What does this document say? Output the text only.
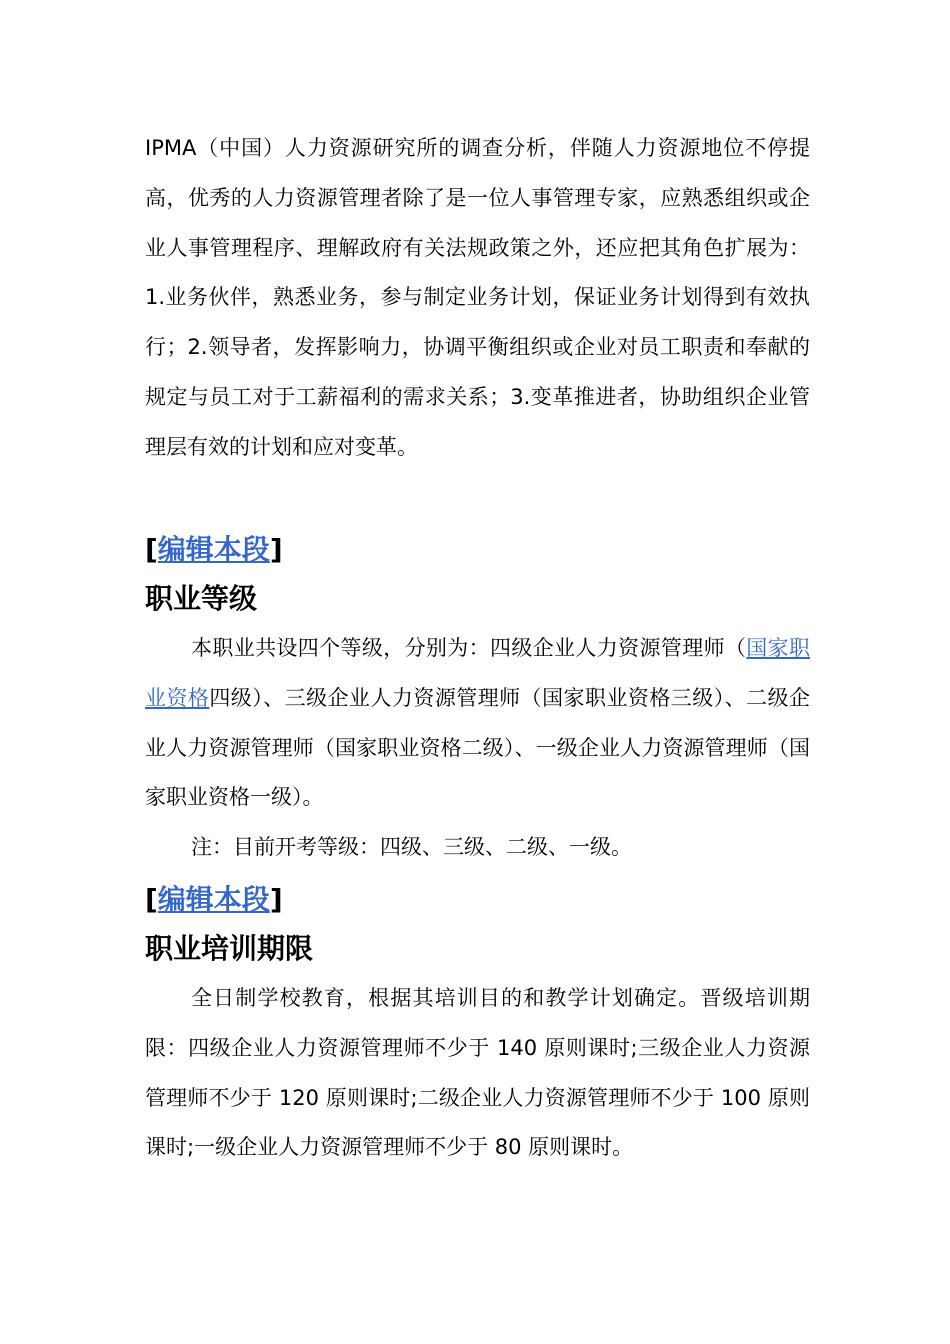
IPMA（中国）人力资源研究所的调查分析，伴随人力资源地位不停提高，优秀的人力资源管理者除了是一位人事管理专家，应熟悉组织或企业人事管理程序、理解政府有关法规政策之外，还应把其角色扩展为：1.业务伙伴，熟悉业务，参与制定业务计划，保证业务计划得到有效执行；2.领导者，发挥影响力，协调平衡组织或企业对员工职责和奉献的规定与员工对于工薪福利的需求关系；3.变革推进者，协助组织企业管理层有效的计划和应对变革。

[编辑本段]
职业等级

本职业共设四个等级，分别为：四级企业人力资源管理师（国家职业资格四级）、三级企业人力资源管理师（国家职业资格三级）、二级企业人力资源管理师（国家职业资格二级）、一级企业人力资源管理师（国家职业资格一级）。

注：目前开考等级：四级、三级、二级、一级。

[编辑本段]
职业培训期限

全日制学校教育，根据其培训目的和教学计划确定。晋级培训期限：四级企业人力资源管理师不少于 140 原则课时;三级企业人力资源管理师不少于 120 原则课时;二级企业人力资源管理师不少于 100 原则课时;一级企业人力资源管理师不少于 80 原则课时。
